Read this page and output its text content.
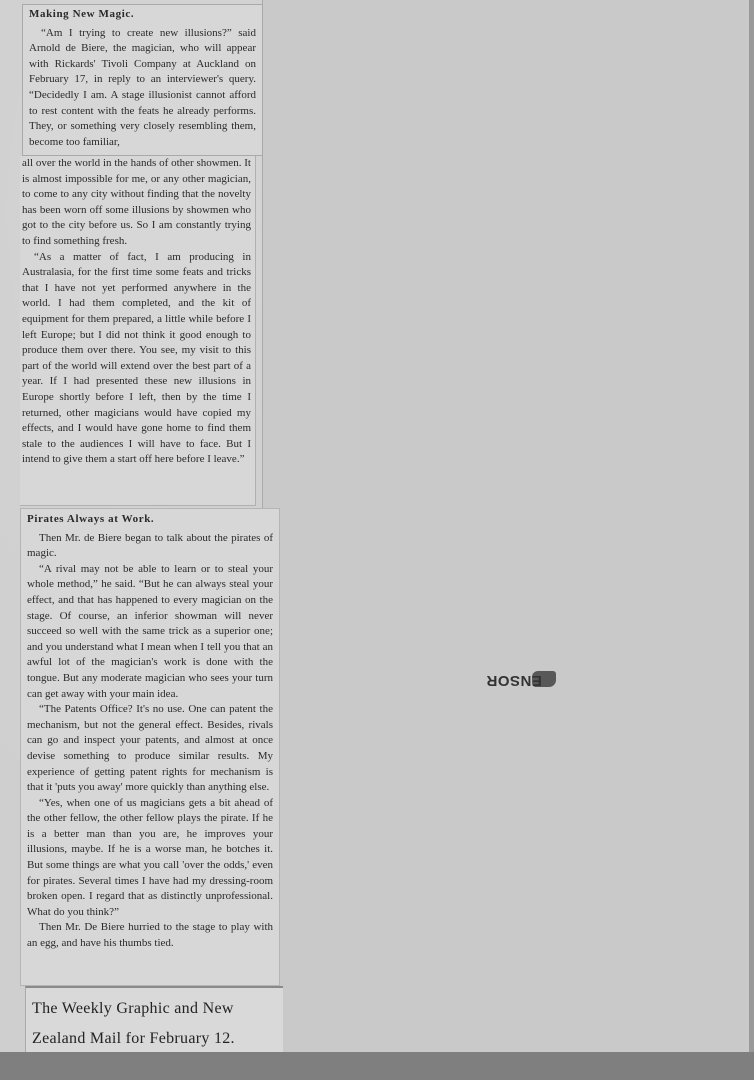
Making New Magic.

“Am I trying to create new illusions?” said Arnold de Biere, the magician, who will appear with Rickards' Tivoli Company at Auckland on February 17, in reply to an interviewer's query. “Decidedly I am. A stage illusionist cannot afford to rest content with the feats he already performs. They, or something very closely resembling them, become too familiar,

all over the world in the hands of other showmen. It is almost impossible for me, or any other magician, to come to any city without finding that the novelty has been worn off some illusions by showmen who got to the city before us. So I am constantly trying to find something fresh.

“As a matter of fact, I am producing in Australasia, for the first time some feats and tricks that I have not yet performed anywhere in the world. I had them completed, and the kit of equipment for them prepared, a little while before I left Europe; but I did not think it good enough to produce them over there. You see, my visit to this part of the world will extend over the best part of a year. If I had presented these new illusions in Europe shortly before I left, then by the time I returned, other magicians would have copied my effects, and I would have gone home to find them stale to the audiences I will have to face. But I intend to give them a start off here before I leave.”

Pirates Always at Work.

Then Mr. de Biere began to talk about the pirates of magic.

“A rival may not be able to learn or to steal your whole method,” he said. “But he can always steal your effect, and that has happened to every magician on the stage. Of course, an inferior showman will never succeed so well with the same trick as a superior one; and you understand what I mean when I tell you that an awful lot of the magician's work is done with the tongue. But any moderate magician who sees your turn can get away with your main idea.

“The Patents Office? It's no use. One can patent the mechanism, but not the general effect. Besides, rivals can go and inspect your patents, and almost at once devise something to produce similar results. My experience of getting patent rights for mechanism is that it 'puts you away' more quickly than anything else.

“Yes, when one of us magicians gets a bit ahead of the other fellow, the other fellow plays the pirate. If he is a better man than you are, he improves your illusions, maybe. If he is a worse man, he botches it. But some things are what you call 'over the odds,' even for pirates. Several times I have had my dressing-room broken open. I regard that as distinctly unprofessional. What do you think?”

Then Mr. De Biere hurried to the stage to play with an egg, and have his thumbs tied.

The Weekly Graphic and New
Zealand Mail for February 12.
ENSOR
